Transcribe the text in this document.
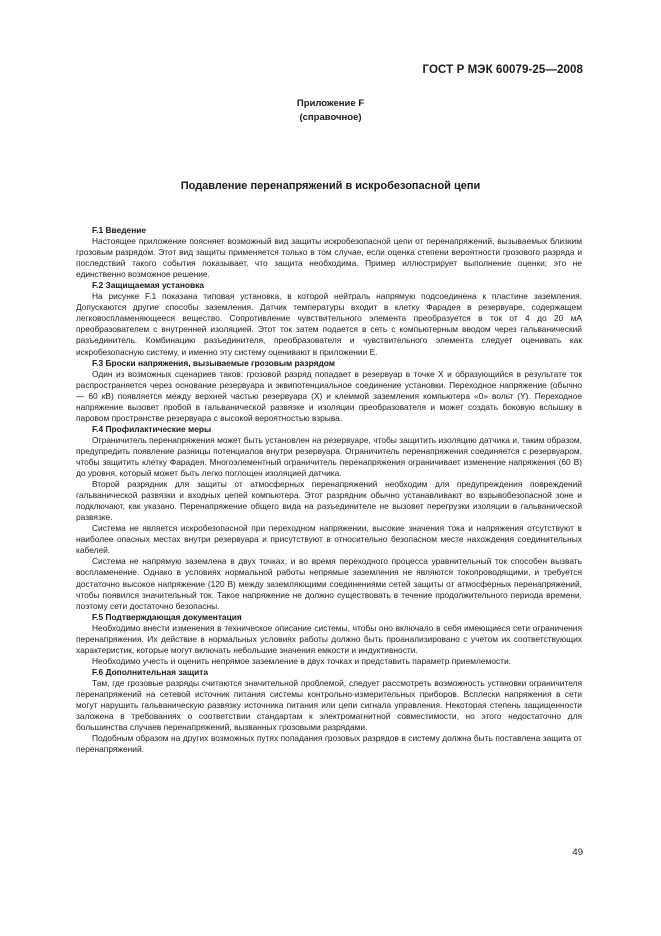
ГОСТ Р МЭК 60079-25—2008
Приложение F
(справочное)
Подавление перенапряжений в искробезопасной цепи
F.1 Введение

Настоящее приложение поясняет возможный вид защиты искробезопасной цепи от перенапряжений, вызываемых близким грозовым разрядом. Этот вид защиты применяется только в том случае, если оценка степени вероятности грозового разряда и последствий такого события показывает, что защита необходима. Пример иллюстрирует выполнение оценки; это не единственно возможное решение.

F.2 Защищаемая установка

На рисунке F.1 показана типовая установка, в которой нейтраль напрямую подсоединена к пластине заземления. Допускаются другие способы заземления. Датчик температуры входит в клетку Фарадея в резервуаре, содержащем легковоспламеняющееся вещество. Сопротивление чувствительного элемента преобразуется в ток от 4 до 20 мА преобразователем с внутренней изоляцией. Этот ток затем подается в сеть с компьютерным вводом через гальванический разъединитель. Комбинацию разъединителя, преобразователя и чувствительного элемента следует оценивать как искробезопасную систему, и именно эту систему оценивают в приложении Е.

F.3 Броски напряжения, вызываемые грозовым разрядом

Один из возможных сценариев таков: грозовой разряд попадает в резервуар в точке X и образующийся в результате ток распространяется через основание резервуара и эквипотенциальное соединение установки. Переходное напряжение (обычно — 60 кВ) появляется между верхней частью резервуара (X) и клеммой заземления компьютера «0» вольт (Y). Переходное напряжение вызовет пробой в гальванической развязке и изоляции преобразователя и может создать боковую вспышку в паровом пространстве резервуара с высокой вероятностью взрыва.

F.4 Профилактические меры

Ограничитель перенапряжения может быть установлен на резервуаре, чтобы защитить изоляцию датчика и, таким образом, предупредить появление разницы потенциалов внутри резервуара. Ограничитель перенапряжения соединяется с резервуаром, чтобы защитить клетку Фарадея. Многоэлементный ограничитель перенапряжения ограничивает изменение напряжения (60 В) до уровня, который может быть легко поглощен изоляцией датчика.

Второй разрядник для защиты от атмосферных перенапряжений необходим для предупреждения повреждений гальванической развязки и входных цепей компьютера. Этот разрядник обычно устанавливают во взрывобезопасной зоне и подключают, как указано. Перенапряжение общего вида на разъединителе не вызовет перегрузки изоляции в гальванической развязке.

Система не является искробезопасной при переходном напряжении, высокие значения тока и напряжения отсутствуют в наиболее опасных местах внутри резервуара и присутствуют в относительно безопасном месте нахождения соединительных кабелей.

Система не напрямую заземлена в двух точках, и во время переходного процесса уравнительный ток способен вызвать воспламенение. Однако в условиях нормальной работы непрямые заземления не являются токопроводящими, и требуется достаточно высокое напряжение (120 В) между заземляющими соединениями сетей защиты от атмосферных перенапряжений, чтобы появился значительный ток. Такое напряжение не должно существовать в течение продолжительного периода времени, поэтому сети достаточно безопасны.

F.5 Подтверждающая документация

Необходимо внести изменения в техническое описание системы, чтобы оно включало в себя имеющиеся сети ограничения перенапряжения. Их действие в нормальных условиях работы должно быть проанализировано с учетом их соответствующих характеристик, которые могут включать небольшие значения емкости и индуктивности.

Необходимо учесть и оценить непрямое заземление в двух точках и представить параметр приемлемости.

F.6 Дополнительная защита

Там, где грозовые разряды считаются значительной проблемой, следует рассмотреть возможность установки ограничителя перенапряжений на сетевой источник питания системы контрольно-измерительных приборов. Всплески напряжения в сети могут нарушить гальваническую развязку источника питания или цепи сигнала управления. Некоторая степень защищенности заложена в требованиях о соответствии стандартам к электромагнитной совместимости, но этого недостаточно для большинства случаев перенапряжений, вызванных грозовыми разрядами.

Подобным образом на других возможных путях попадания грозовых разрядов в систему должна быть поставлена защита от перенапряжений.

49
